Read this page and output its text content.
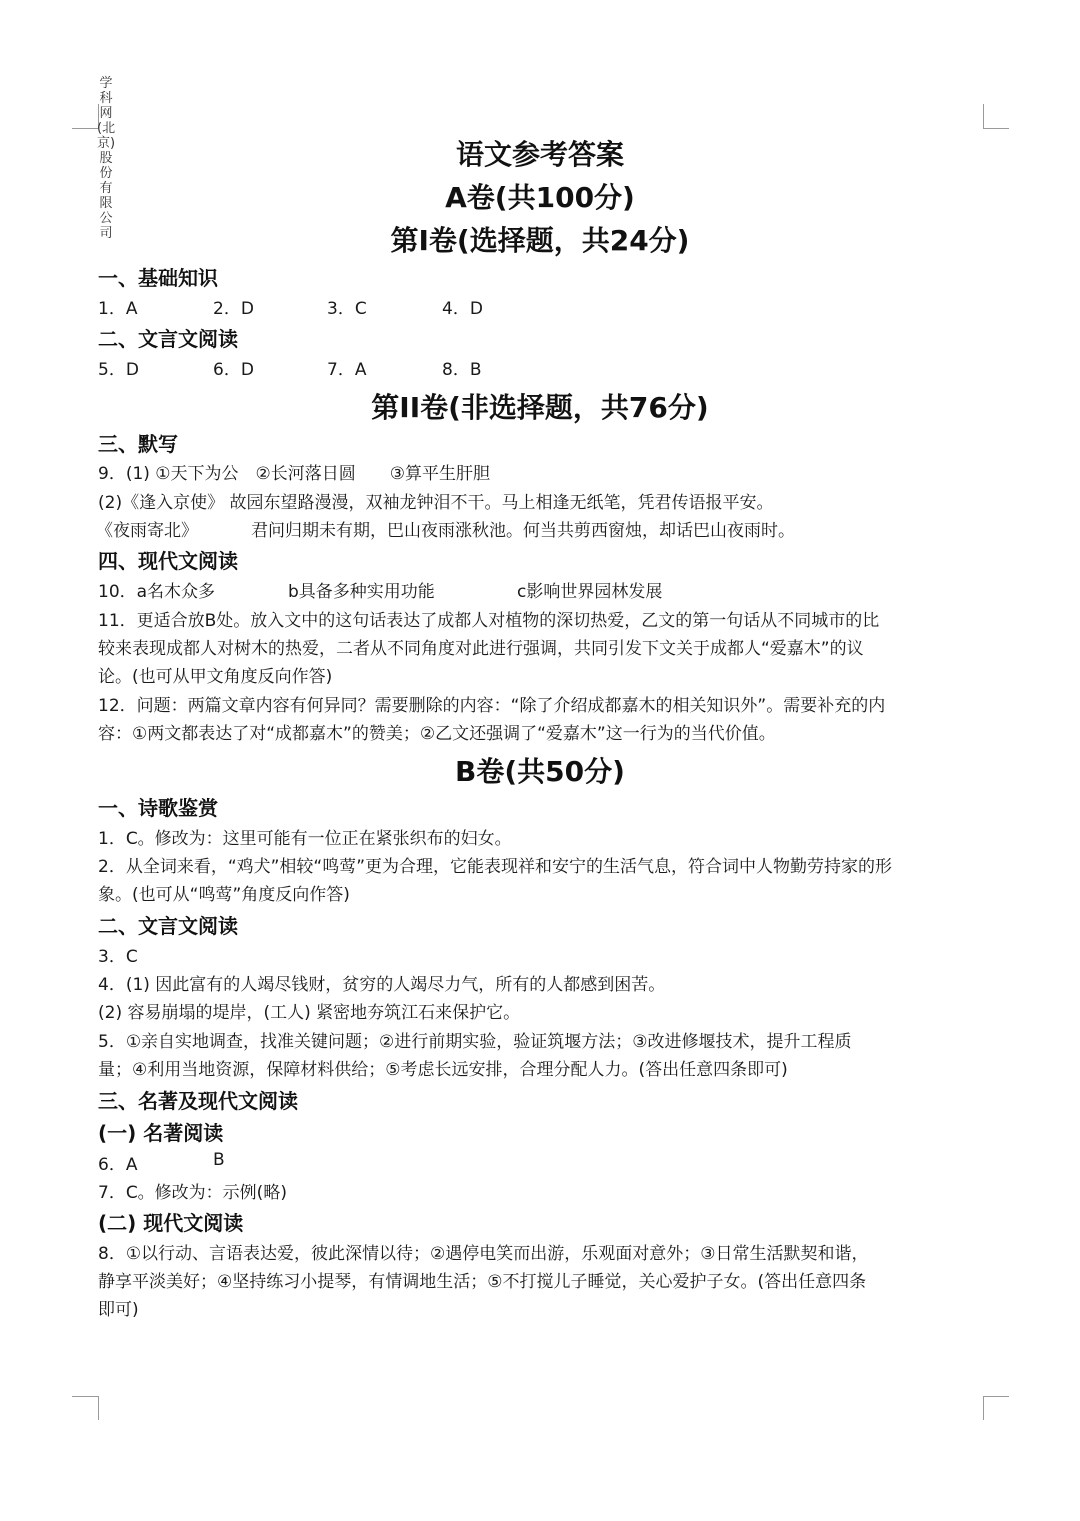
学科网(北京)股份有限公司
语文参考答案
A卷(共100分)
第I卷(选择题，共24分)
一、基础知识
1．A	2．D	3．C	4．D
二、文言文阅读
5．D	6．D	7．A	8．B
第II卷(非选择题，共76分)
三、默写
9．(1) ①天下为公　②长河落日圆　　③算平生肝胆
(2)《逢入京使》 故园东望路漫漫，双袖龙钟泪不干。马上相逢无纸笔，凭君传语报平安。
《夜雨寄北》	君问归期未有期，巴山夜雨涨秋池。何当共剪西窗烛，却话巴山夜雨时。
四、现代文阅读
10．a名木众多	b具备多种实用功能	c影响世界园林发展
11．更适合放B处。放入文中的这句话表达了成都人对植物的深切热爱，乙文的第一句话从不同城市的比
较来表现成都人对树木的热爱，二者从不同角度对此进行强调，共同引发下文关于成都人“爱嘉木”的议
论。(也可从甲文角度反向作答)
12．问题：两篇文章内容有何异同？需要删除的内容：“除了介绍成都嘉木的相关知识外”。需要补充的内
容：①两文都表达了对“成都嘉木”的赞美；②乙文还强调了“爱嘉木”这一行为的当代价值。
B卷(共50分)
一、诗歌鉴赏
1．C。修改为：这里可能有一位正在紧张织布的妇女。
2．从全词来看，“鸡犬”相较“鸣莺”更为合理，它能表现祥和安宁的生活气息，符合词中人物勤劳持家的形
象。(也可从“鸣莺”角度反向作答)
二、文言文阅读
3．C
4．(1) 因此富有的人竭尽钱财，贫穷的人竭尽力气，所有的人都感到困苦。
(2) 容易崩塌的堤岸，(工人) 紧密地夯筑江石来保护它。
5．①亲自实地调查，找准关键问题；②进行前期实验，验证筑堰方法；③改进修堰技术，提升工程质
量；④利用当地资源，保障材料供给；⑤考虑长远安排，合理分配人力。(答出任意四条即可)
三、名著及现代文阅读
(一) 名著阅读
6．A	B
7．C。修改为：示例(略)
(二) 现代文阅读
8．①以行动、言语表达爱，彼此深情以待；②遇停电笑而出游，乐观面对意外；③日常生活默契和谐，
静享平淡美好；④坚持练习小提琴，有情调地生活；⑤不打搅儿子睡觉，关心爱护子女。(答出任意四条
即可)
